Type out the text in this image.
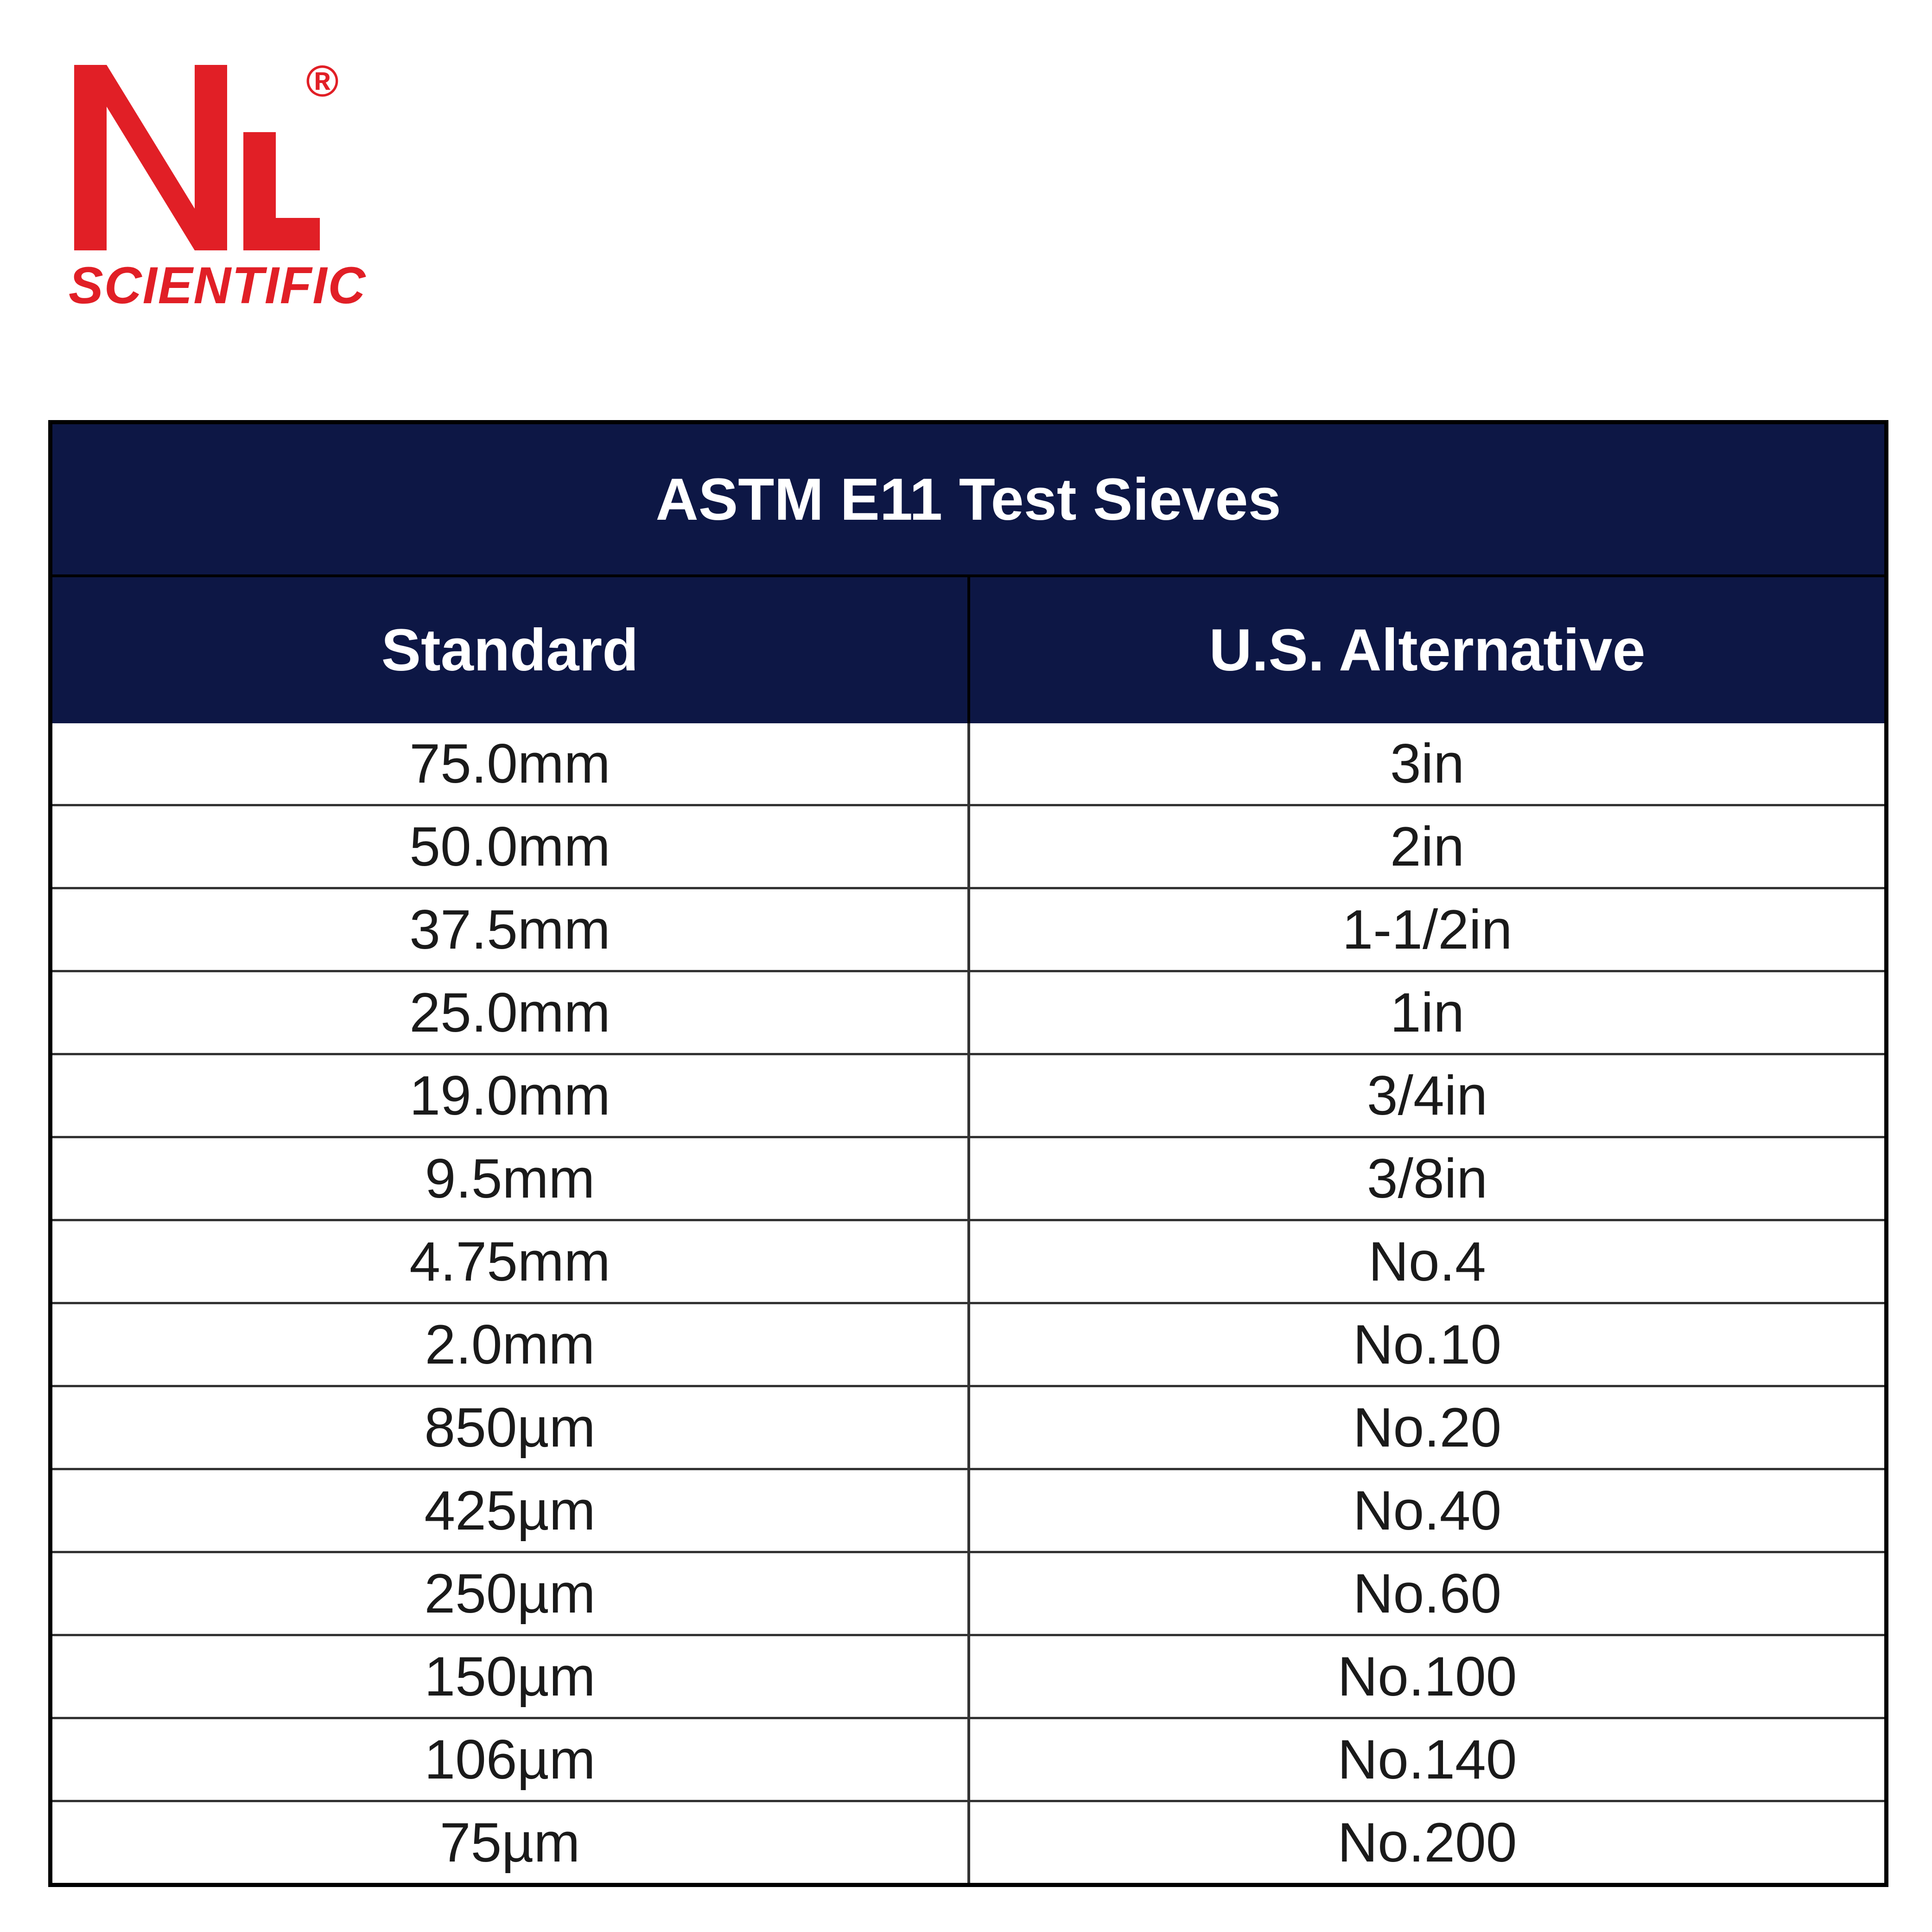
®
SCIENTIFIC
ASTM E11 Test Sieves
Standard	U.S. Alternative
75.0mm	3in
50.0mm	2in
37.5mm	1-1/2in
25.0mm	1in
19.0mm	3/4in
9.5mm	3/8in
4.75mm	No.4
2.0mm	No.10
850µm	No.20
425µm	No.40
250µm	No.60
150µm	No.100
106µm	No.140
75µm	No.200
